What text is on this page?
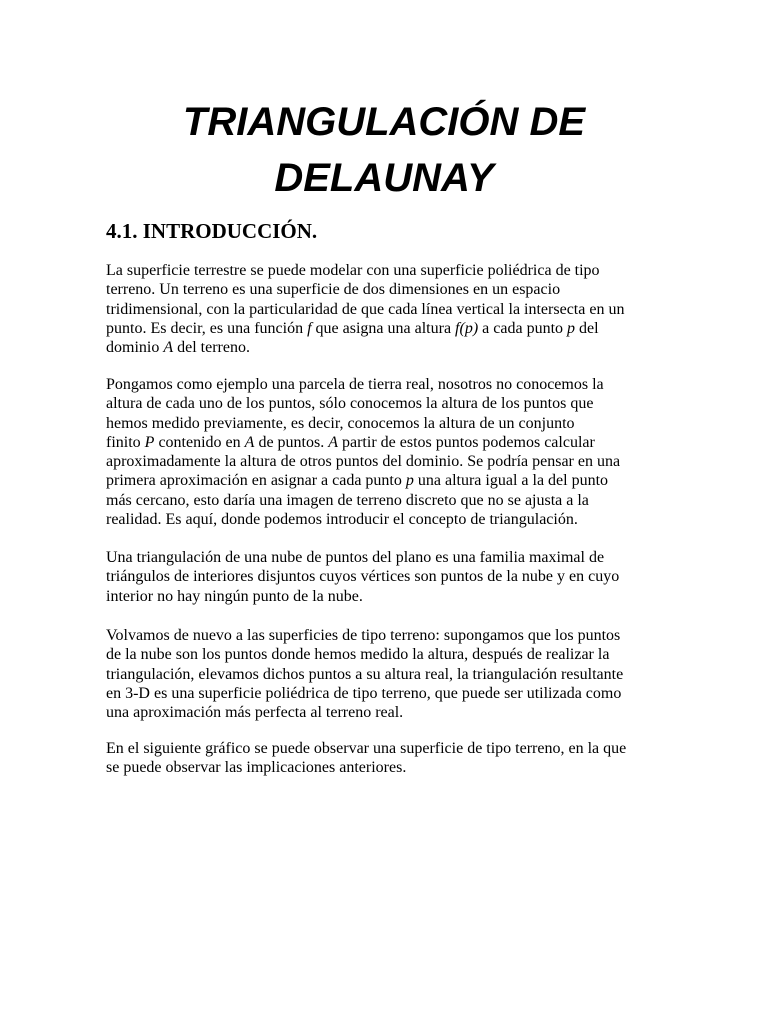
TRIANGULACIÓN DE
DELAUNAY
4.1. INTRODUCCIÓN.
La superficie terrestre se puede modelar con una superficie poliédrica de tipo
terreno. Un terreno es una superficie de dos dimensiones en un espacio
tridimensional, con la particularidad de que cada línea vertical la intersecta en un
punto. Es decir, es una función f que asigna una altura f(p) a cada punto p del
dominio A del terreno.
Pongamos como ejemplo una parcela de tierra real, nosotros no conocemos la
altura de cada uno de los puntos, sólo conocemos la altura de los puntos que
hemos medido previamente, es decir, conocemos la altura de un conjunto
finito P contenido en A de puntos. A partir de estos puntos podemos calcular
aproximadamente la altura de otros puntos del dominio. Se podría pensar en una
primera aproximación en asignar a cada punto p una altura igual a la del punto
más cercano, esto daría una imagen de terreno discreto que no se ajusta a la
realidad. Es aquí, donde podemos introducir el concepto de triangulación.
Una triangulación de una nube de puntos del plano es una familia maximal de
triángulos de interiores disjuntos cuyos vértices son puntos de la nube y en cuyo
interior no hay ningún punto de la nube.
Volvamos de nuevo a las superficies de tipo terreno: supongamos que los puntos
de la nube son los puntos donde hemos medido la altura, después de realizar la
triangulación, elevamos dichos puntos a su altura real, la triangulación resultante
en 3-D es una superficie poliédrica de tipo terreno, que puede ser utilizada como
una aproximación más perfecta al terreno real.
En el siguiente gráfico se puede observar una superficie de tipo terreno, en la que
se puede observar las implicaciones anteriores.
